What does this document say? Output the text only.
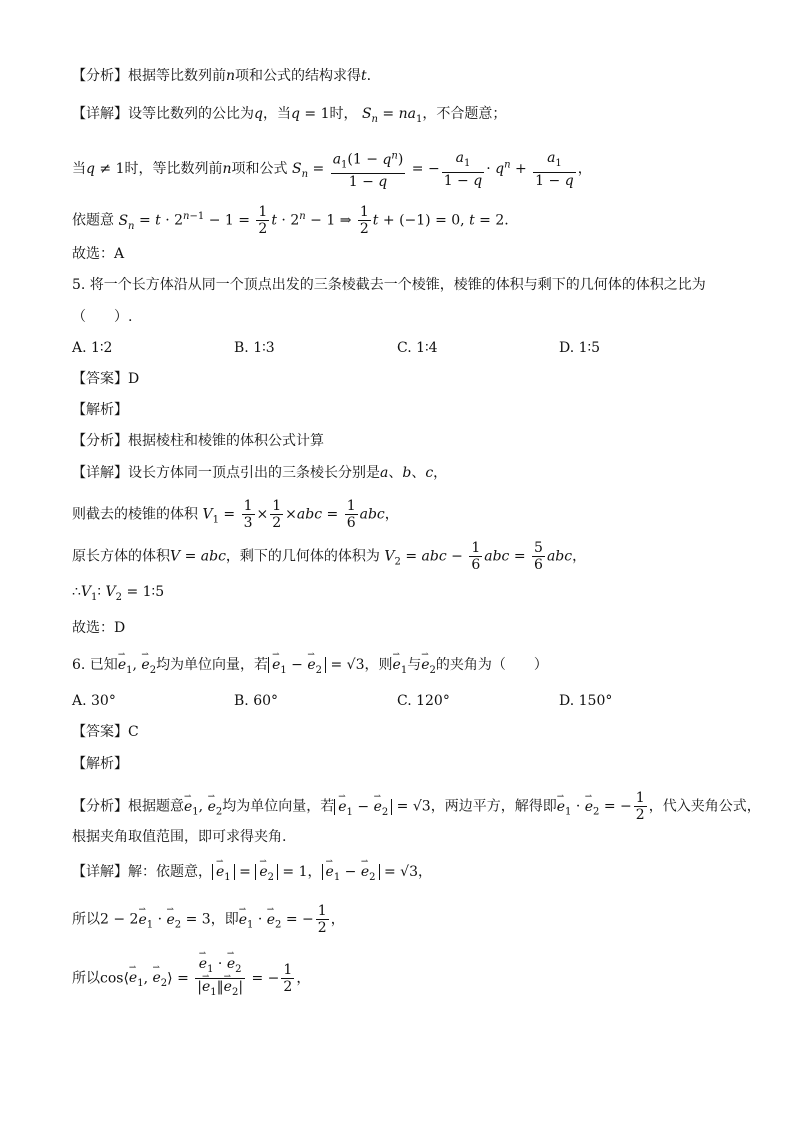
【分析】根据等比数列前n项和公式的结构求得t.
【详解】设等比数列的公比为q，当q = 1时， $S_n = na_1$，不合题意；
当q ≠ 1时，等比数列前n项和公式 $S_n = \frac{a_1(1 - q^n)}{1 - q}$ = − $\frac{a_1}{1 - q} \cdot q^n + \frac{a_1}{1 - q}$ ，
依题意 $S_n = t \cdot 2^{n-1} - 1 = \frac{1}{2}$ $t \cdot 2^n - 1$ ⇒ $\frac{1}{2}$ t + (−1) = 0, t = 2.
故选：A
5. 将一个长方体沿从同一个顶点出发的三条棱截去一个棱锥，棱锥的体积与剩下的几何体的体积之比为
（　　）.
A. 1∶2	B. 1∶3	C. 1∶4	D. 1∶5
【答案】D
【解析】
【分析】根据棱柱和棱锥的体积公式计算
【详解】设长方体同一顶点引出的三条棱长分别是a、b、c，
则截去的棱锥的体积 $V_1 = \frac{1}{3} \times \frac{1}{2} \times abc = \frac{1}{6}$ abc，
原长方体的体积V = abc，剩下的几何体的体积为 $V_2$ = abc − $\frac{1}{6}$ abc = $\frac{5}{6}$ abc，
$\therefore V_1∶$ $V_2$ = 1∶5
故选：D
6. 已知⇀ $e_1$, ⇀ $e_2$均为单位向量，若 ⇀ $e_1$ − ⇀ $e_2 = √3$，则⇀ $e_1$与⇀ $e_2$的夹角为（　　）
A. 30°	B. 60°	C. 120°	D. 150°
【答案】C
【解析】
【分析】根据题意⇀ $e_1$, ⇀ $e_2$均为单位向量，若 ⇀ $e_1$ − ⇀ $e_2 = √3$，两边平方，解得即⇀ $e_1$ · ⇀ $e_2$ = − $\frac{1}{2}$ ，代入夹角公式，
根据夹角取值范围，即可求得夹角.
【详解】解：依题意， ⇀ $e_1$ = ⇀ $e_2 = 1$， ⇀ $e_1$ − ⇀ $e_2 = √3$，
所以2 − 2⇀ $e_1$ · ⇀ $e_2 = 3$，即⇀ $e_1$ · ⇀ $e_2$ = − $\frac{1}{2}$ ，
所以cos⟨⇀ $e_1$, ⇀ $e_2⟩$ = ⇀ $\frac{e_1 \cdot ⇀ e_2}{|⇀ e_1‖⇀ e_2|}$ = − $\frac{1}{2}$ ，
